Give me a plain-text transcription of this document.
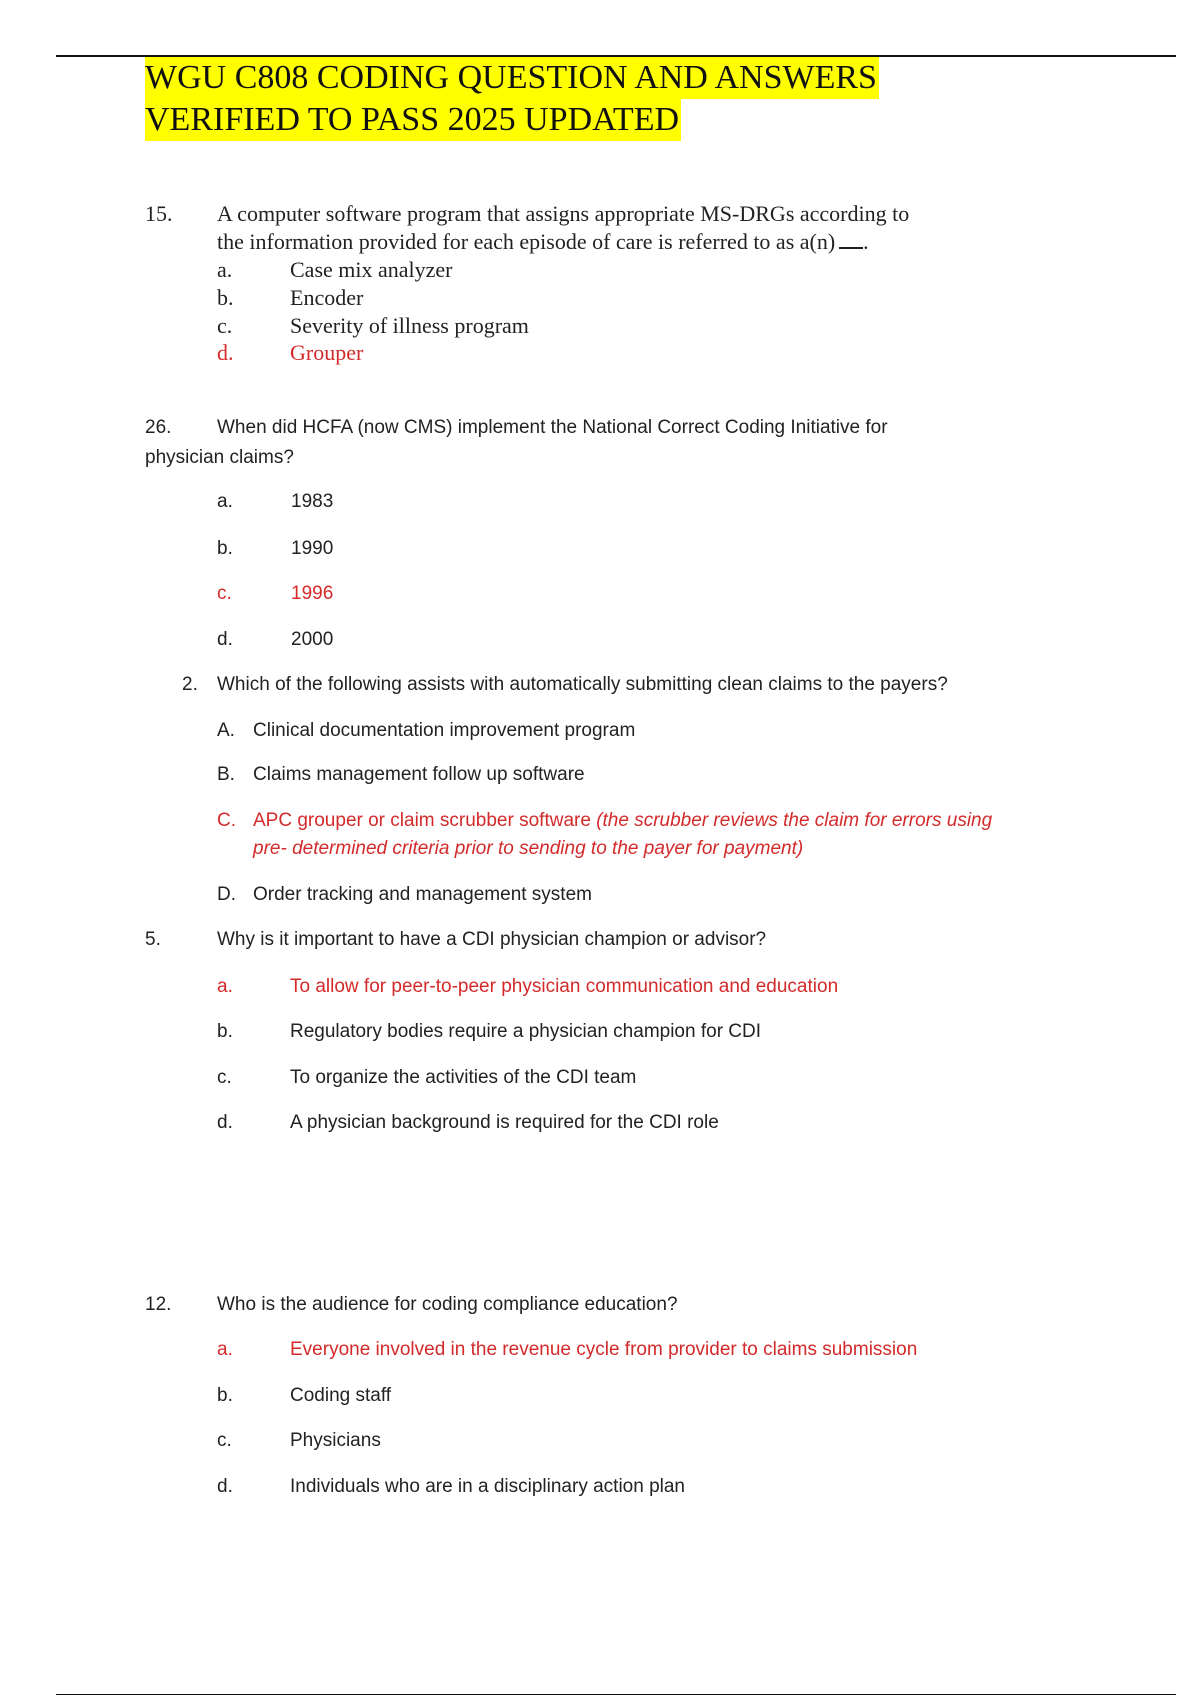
WGU C808 CODING QUESTION AND ANSWERS
VERIFIED TO PASS 2025 UPDATED
15. A computer software program that assigns appropriate MS-DRGs according to
the information provided for each episode of care is referred to as a(n) .
a.	Case mix analyzer
b.	Encoder
c.	Severity of illness program
d.	Grouper
26. When did HCFA (now CMS) implement the National Correct Coding Initiative for
physician claims?
a.	1983
b.	1990
c.	1996
d.	2000
2. Which of the following assists with automatically submitting clean claims to the payers?
A. Clinical documentation improvement program
B. Claims management follow up software
C. APC grouper or claim scrubber software (the scrubber reviews the claim for errors using
pre- determined criteria prior to sending to the payer for payment)
D. Order tracking and management system
5.	Why is it important to have a CDI physician champion or advisor?
a.	To allow for peer-to-peer physician communication and education
b.	Regulatory bodies require a physician champion for CDI
c.	To organize the activities of the CDI team
d.	A physician background is required for the CDI role
12. Who is the audience for coding compliance education?
a.	Everyone involved in the revenue cycle from provider to claims submission
b.	Coding staff
c.	Physicians
d.	Individuals who are in a disciplinary action plan
